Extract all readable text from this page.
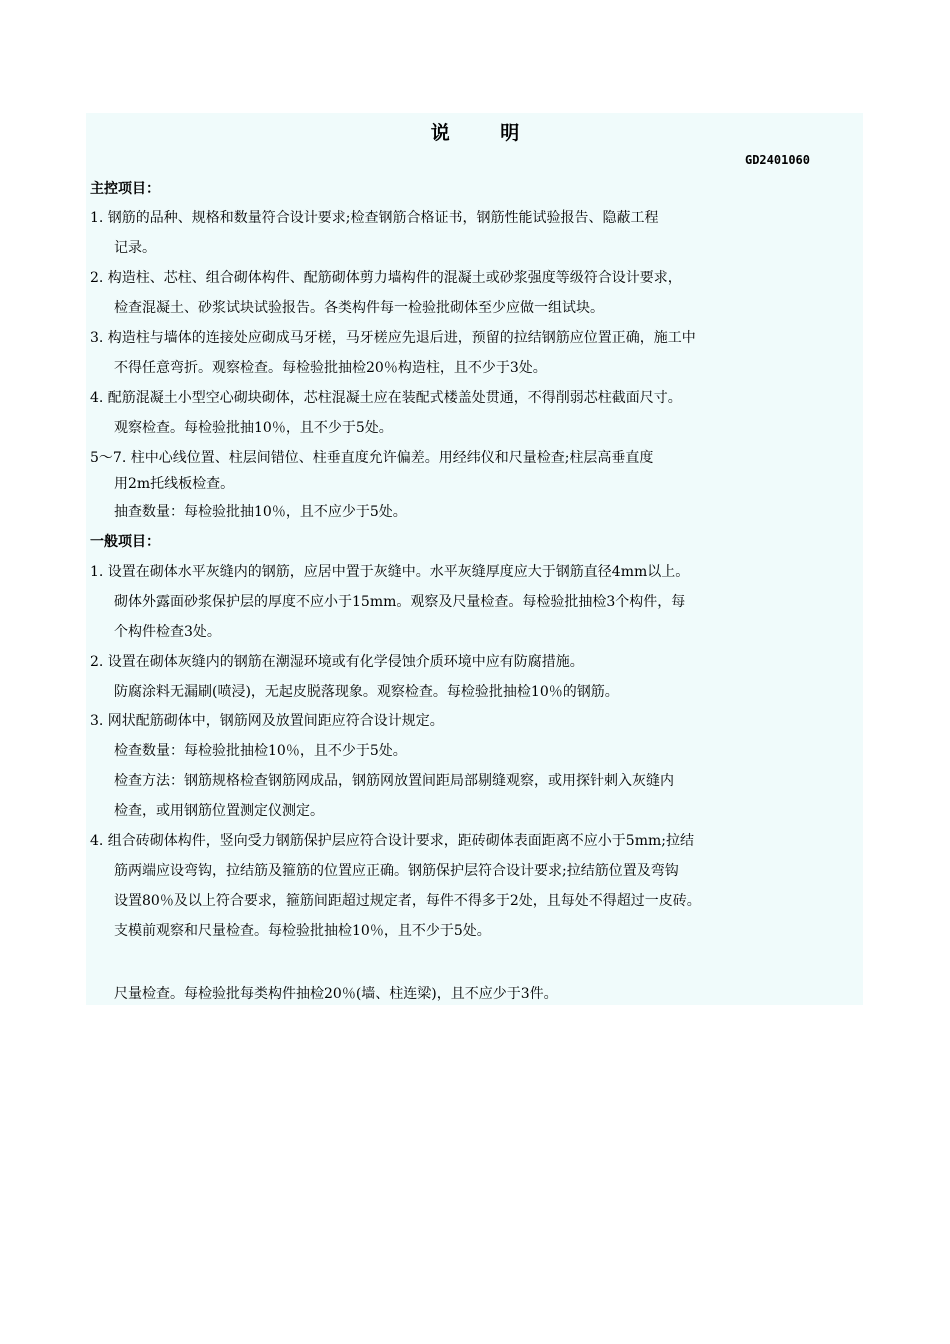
说 明
GD2401060
主控项目：
1. 钢筋的品种、规格和数量符合设计要求;检查钢筋合格证书，钢筋性能试验报告、隐蔽工程
记录。
2. 构造柱、芯柱、组合砌体构件、配筋砌体剪力墙构件的混凝土或砂浆强度等级符合设计要求，
检查混凝土、砂浆试块试验报告。各类构件每一检验批砌体至少应做一组试块。
3. 构造柱与墙体的连接处应砌成马牙槎，马牙槎应先退后进，预留的拉结钢筋应位置正确，施工中
不得任意弯折。观察检查。每检验批抽检20％构造柱，且不少于3处。
4. 配筋混凝土小型空心砌块砌体，芯柱混凝土应在装配式楼盖处贯通，不得削弱芯柱截面尺寸。
观察检查。每检验批抽10％，且不少于5处。
5～7. 柱中心线位置、柱层间错位、柱垂直度允许偏差。用经纬仪和尺量检查;柱层高垂直度
用2m托线板检查。
抽查数量：每检验批抽10％，且不应少于5处。
一般项目：
1. 设置在砌体水平灰缝内的钢筋，应居中置于灰缝中。水平灰缝厚度应大于钢筋直径4mm以上。
砌体外露面砂浆保护层的厚度不应小于15mm。观察及尺量检查。每检验批抽检3个构件，每
个构件检查3处。
2. 设置在砌体灰缝内的钢筋在潮湿环境或有化学侵蚀介质环境中应有防腐措施。
防腐涂料无漏刷(喷浸)，无起皮脱落现象。观察检查。每检验批抽检10％的钢筋。
3. 网状配筋砌体中，钢筋网及放置间距应符合设计规定。
检查数量：每检验批抽检10％，且不少于5处。
检查方法：钢筋规格检查钢筋网成品，钢筋网放置间距局部剔缝观察，或用探针刺入灰缝内
检查，或用钢筋位置测定仪测定。
4. 组合砖砌体构件，竖向受力钢筋保护层应符合设计要求，距砖砌体表面距离不应小于5mm;拉结
筋两端应设弯钩，拉结筋及箍筋的位置应正确。钢筋保护层符合设计要求;拉结筋位置及弯钩
设置80％及以上符合要求，箍筋间距超过规定者，每件不得多于2处，且每处不得超过一皮砖。
支模前观察和尺量检查。每检验批抽检10％，且不少于5处。
尺量检查。每检验批每类构件抽检20％(墙、柱连梁)，且不应少于3件。
